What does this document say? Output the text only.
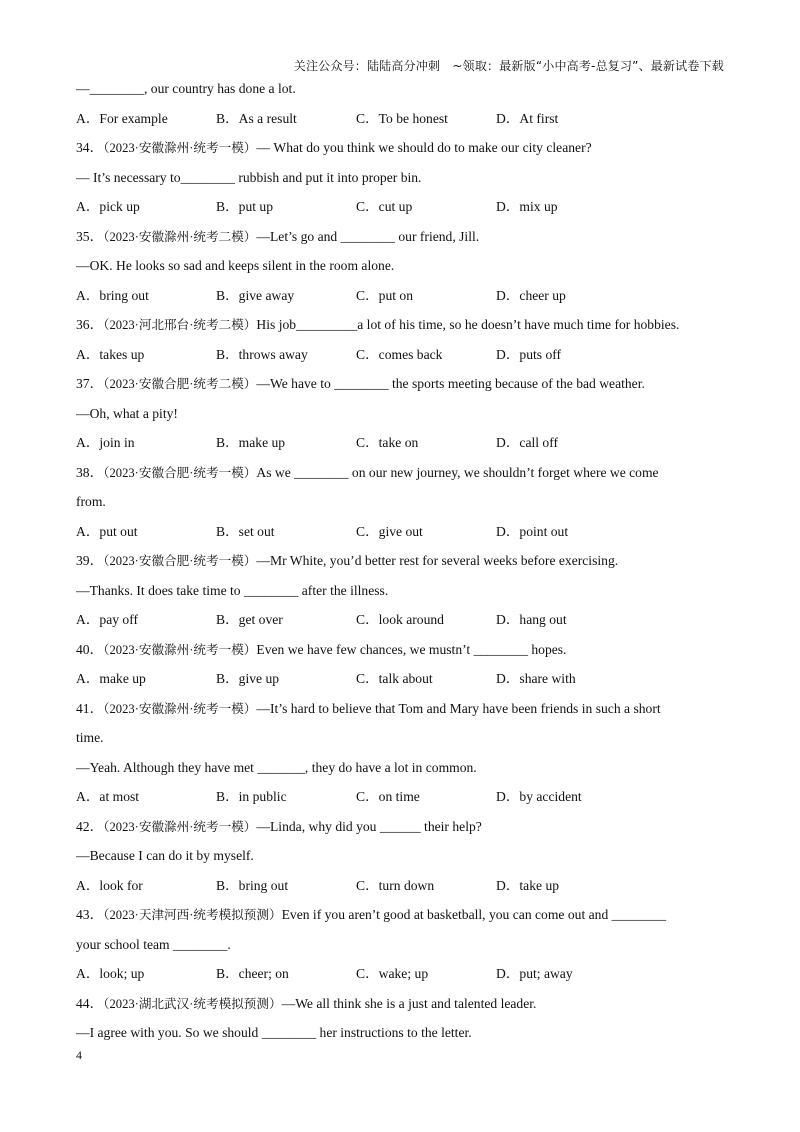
关注公众号：陆陆高分冲刺　~领取：最新版“小中高考-总复习”、最新试卷下载
—________, our country has done a lot.
A．For example	B．As a result	C．To be honest	D．At first
34．（2023·安徽滁州·统考一模）— What do you think we should do to make our city cleaner?
— It’s necessary to________ rubbish and put it into proper bin.
A．pick up	B．put up	C．cut up	D．mix up
35．（2023·安徽滁州·统考二模）—Let’s go and ________ our friend, Jill.
—OK. He looks so sad and keeps silent in the room alone.
A．bring out	B．give away	C．put on	D．cheer up
36．（2023·河北邢台·统考二模）His job_________a lot of his time, so he doesn’t have much time for hobbies.
A．takes up	B．throws away	C．comes back	D．puts off
37．（2023·安徽合肥·统考二模）—We have to ________ the sports meeting because of the bad weather.
—Oh, what a pity!
A．join in	B．make up	C．take on	D．call off
38．（2023·安徽合肥·统考一模）As we ________ on our new journey, we shouldn’t forget where we come
from.
A．put out	B．set out	C．give out	D．point out
39．（2023·安徽合肥·统考一模）—Mr White, you’d better rest for several weeks before exercising.
—Thanks. It does take time to ________ after the illness.
A．pay off	B．get over	C．look around	D．hang out
40．（2023·安徽滁州·统考一模）Even we have few chances, we mustn’t ________ hopes.
A．make up	B．give up	C．talk about	D．share with
41．（2023·安徽滁州·统考一模）—It’s hard to believe that Tom and Mary have been friends in such a short
time.
—Yeah. Although they have met _______, they do have a lot in common.
A．at most	B．in public	C．on time	D．by accident
42．（2023·安徽滁州·统考一模）—Linda, why did you ______ their help?
—Because I can do it by myself.
A．look for	B．bring out	C．turn down	D．take up
43．（2023·天津河西·统考模拟预测）Even if you aren’t good at basketball, you can come out and ________
your school team ________.
A．look; up	B．cheer; on	C．wake; up	D．put; away
44．（2023·湖北武汉·统考模拟预测）—We all think she is a just and talented leader.
—I agree with you. So we should ________ her instructions to the letter.
4
